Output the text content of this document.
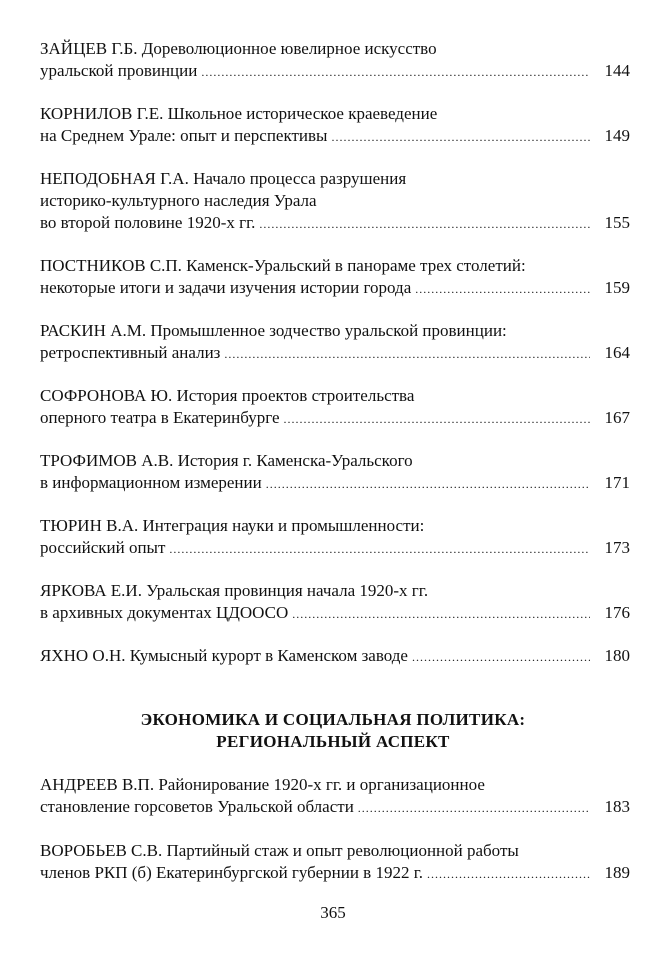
ЗАЙЦЕВ Г.Б. Дореволюционное ювелирное искусство
уральской провинции . . .	144
КОРНИЛОВ Г.Е. Школьное историческое краеведение
на Среднем Урале: опыт и перспективы . . .	149
НЕПОДОБНАЯ Г.А. Начало процесса разрушения
историко-культурного наследия Урала
во второй половине 1920-х гг. . . .	155
ПОСТНИКОВ С.П. Каменск-Уральский в панораме трех столетий:
некоторые итоги и задачи изучения истории города . . .	159
РАСКИН А.М. Промышленное зодчество уральской провинции:
ретроспективный анализ . . .	164
СОФРОНОВА Ю. История проектов строительства
оперного театра в Екатеринбурге . . .	167
ТРОФИМОВ А.В. История г. Каменска-Уральского
в информационном измерении . . .	171
ТЮРИН В.А. Интеграция науки и промышленности:
российский опыт . . .	173
ЯРКОВА Е.И. Уральская провинция начала 1920-х гг.
в архивных документах ЦДООСО . . .	176
ЯХНО О.Н. Кумысный курорт в Каменском заводе . . .	180
ЭКОНОМИКА И СОЦИАЛЬНАЯ ПОЛИТИКА:
РЕГИОНАЛЬНЫЙ АСПЕКТ
АНДРЕЕВ В.П. Районирование 1920-х гг. и организационное
становление горсоветов Уральской области . . .	183
ВОРОБЬЕВ С.В. Партийный стаж и опыт революционной работы
членов РКП (б) Екатеринбургской губернии в 1922 г. . . .	189
365
